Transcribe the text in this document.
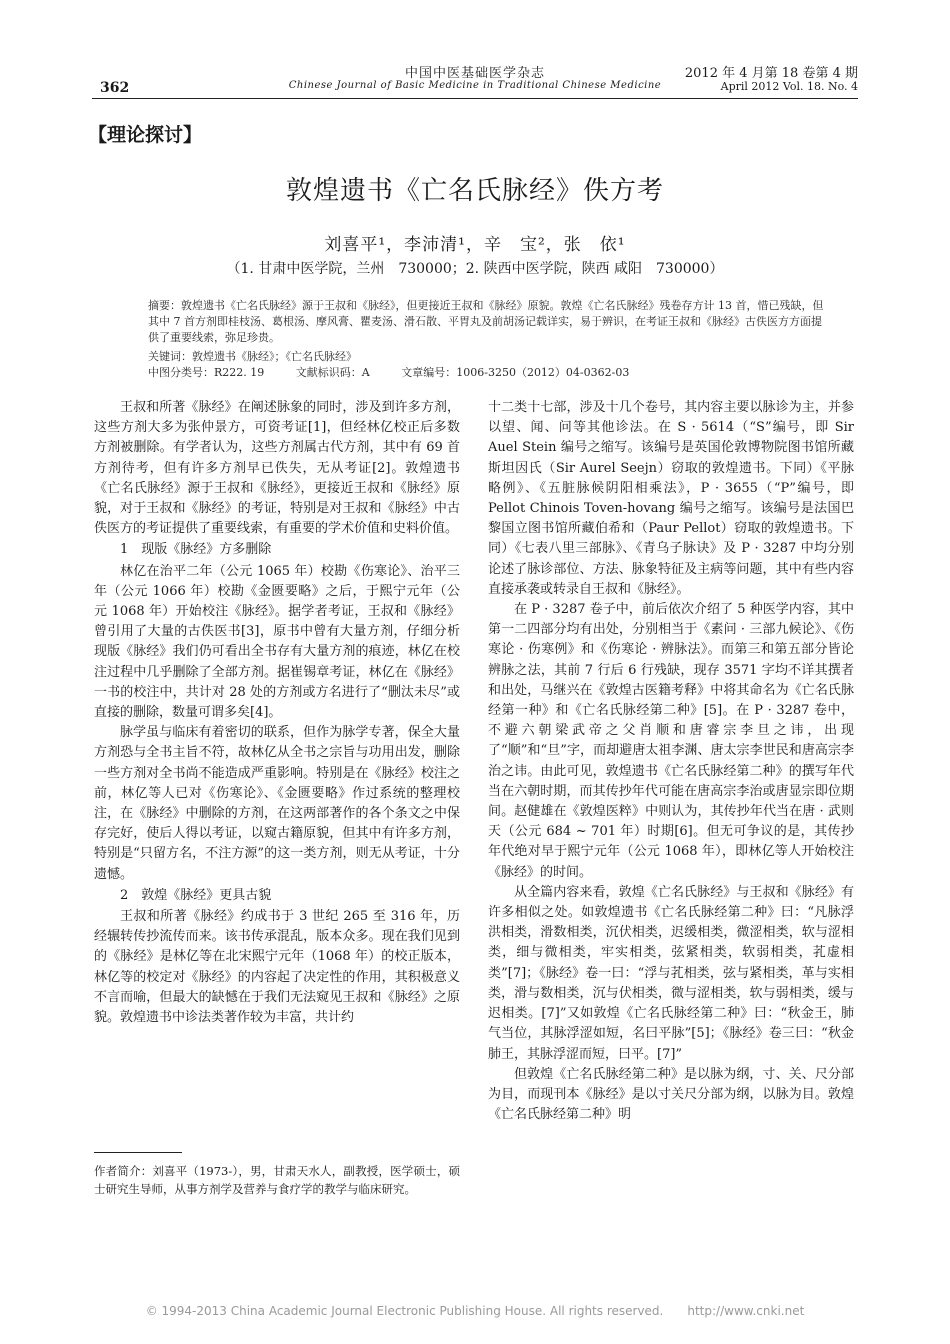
中国中医基础医学杂志
Chinese Journal of Basic Medicine in Traditional Chinese Medicine
362
2012 年 4 月第 18 卷第 4 期
April 2012 Vol. 18. No. 4
【理论探讨】
敦煌遗书《亡名氏脉经》佚方考
刘喜平¹，李沛清¹，辛　宝²，张　依¹
（1. 甘肃中医学院，兰州　730000；2. 陕西中医学院，陕西 咸阳　730000）
摘要：敦煌遗书《亡名氏脉经》源于王叔和《脉经》，但更接近王叔和《脉经》原貌。敦煌《亡名氏脉经》残卷存方计 13 首，惜已残缺，但其中 7 首方剂即桂枝汤、葛根汤、摩风膏、瞿麦汤、滑石散、平胃丸及前胡汤记载详实，易于辨识，在考证王叔和《脉经》古佚医方方面提供了重要线索，弥足珍贵。
关键词：敦煌遗书《脉经》；《亡名氏脉经》
中图分类号：R222. 19	文献标识码：A	文章编号：1006-3250（2012）04-0362-03

王叔和所著《脉经》在阐述脉象的同时，涉及到许多方剂，这些方剂大多为张仲景方，可资考证[1]，但经林亿校正后多数方剂被删除。有学者认为，这些方剂属古代方剂，其中有 69 首方剂待考，但有许多方剂早已佚失，无从考证[2]。敦煌遗书《亡名氏脉经》源于王叔和《脉经》，更接近王叔和《脉经》原貌，对于王叔和《脉经》的考证，特别是对王叔和《脉经》中古佚医方的考证提供了重要线索，有重要的学术价值和史料价值。

1　现版《脉经》方多删除

林亿在治平二年（公元 1065 年）校勘《伤寒论》、治平三年（公元 1066 年）校勘《金匮要略》之后，于熙宁元年（公元 1068 年）开始校注《脉经》。据学者考证，王叔和《脉经》曾引用了大量的古佚医书[3]，原书中曾有大量方剂，仔细分析现版《脉经》我们仍可看出全书存有大量方剂的痕迹，林亿在校注过程中几乎删除了全部方剂。据崔锡章考证，林亿在《脉经》一书的校注中，共计对 28 处的方剂或方名进行了“删汰未尽”或直接的删除，数量可谓多矣[4]。

脉学虽与临床有着密切的联系，但作为脉学专著，保全大量方剂恐与全书主旨不符，故林亿从全书之宗旨与功用出发，删除一些方剂对全书尚不能造成严重影响。特别是在《脉经》校注之前，林亿等人已对《伤寒论》、《金匮要略》作过系统的整理校注，在《脉经》中删除的方剂，在这两部著作的各个条文之中保存完好，使后人得以考证，以窥古籍原貌，但其中有许多方剂，特别是“只留方名，不注方源”的这一类方剂，则无从考证，十分遗憾。

2　敦煌《脉经》更具古貌

王叔和所著《脉经》约成书于 3 世纪 265 至 316 年，历经辗转传抄流传而来。该书传承混乱，版本众多。现在我们见到的《脉经》是林亿等在北宋熙宁元年（1068 年）的校正版本，林亿等的校定对《脉经》的内容起了决定性的作用，其积极意义不言而喻，但最大的缺憾在于我们无法窥见王叔和《脉经》之原貌。敦煌遗书中诊法类著作较为丰富，共计约

十二类十七部，涉及十几个卷号，其内容主要以脉诊为主，并参以望、闻、问等其他诊法。在 S · 5614（“S”编号，即 Sir Auel Stein 编号之缩写。该编号是英国伦敦博物院图书馆所藏斯坦因氏（Sir Aurel Seejn）窃取的敦煌遗书。下同）《平脉略例》、《五脏脉候阴阳相乘法》，P · 3655（“P”编号，即 Pellot Chinois Toven-hovang 编号之缩写。该编号是法国巴黎国立图书馆所藏伯希和（Paur Pellot）窃取的敦煌遗书。下同）《七表八里三部脉》、《青乌子脉诀》及 P · 3287 中均分别论述了脉诊部位、方法、脉象特征及主病等问题，其中有些内容直接承袭或转录自王叔和《脉经》。

在 P · 3287 卷子中，前后依次介绍了 5 种医学内容，其中第一二四部分均有出处，分别相当于《素问 · 三部九候论》、《伤寒论 · 伤寒例》和《伤寒论 · 辨脉法》。而第三和第五部分皆论辨脉之法，其前 7 行后 6 行残缺，现存 3571 字均不详其撰者和出处，马继兴在《敦煌古医籍考释》中将其命名为《亡名氏脉经第一种》和《亡名氏脉经第二种》[5]。在 P · 3287 卷中，不避六朝梁武帝之父肖顺和唐睿宗李旦之讳，出现了“顺”和“旦”字，而却避唐太祖李渊、唐太宗李世民和唐高宗李治之讳。由此可见，敦煌遗书《亡名氏脉经第二种》的撰写年代当在六朝时期，而其传抄年代可能在唐高宗李治或唐显宗即位期间。赵健雄在《敦煌医粹》中则认为，其传抄年代当在唐 · 武则天（公元 684 ~ 701 年）时期[6]。但无可争议的是，其传抄年代绝对早于熙宁元年（公元 1068 年），即林亿等人开始校注《脉经》的时间。

从全篇内容来看，敦煌《亡名氏脉经》与王叔和《脉经》有许多相似之处。如敦煌遗书《亡名氏脉经第二种》曰：“凡脉浮洪相类，滑数相类，沉伏相类，迟缓相类，微涩相类，软与涩相类，细与微相类，牢实相类，弦紧相类，软弱相类，芤虚相类”[7]；《脉经》卷一曰：“浮与芤相类，弦与紧相类，革与实相类，滑与数相类，沉与伏相类，微与涩相类，软与弱相类，缓与迟相类。[7]”又如敦煌《亡名氏脉经第二种》曰：“秋金王，肺气当位，其脉浮涩如短，名曰平脉”[5]；《脉经》卷三曰：“秋金肺王，其脉浮涩而短，曰平。[7]”

但敦煌《亡名氏脉经第二种》是以脉为纲，寸、关、尺分部为目，而现刊本《脉经》是以寸关尺分部为纲，以脉为目。敦煌《亡名氏脉经第二种》明

作者简介：刘喜平（1973-），男，甘肃天水人，副教授，医学硕士，硕士研究生导师，从事方剂学及营养与食疗学的教学与临床研究。
© 1994-2013 China Academic Journal Electronic Publishing House. All rights reserved.　　http://www.cnki.net
